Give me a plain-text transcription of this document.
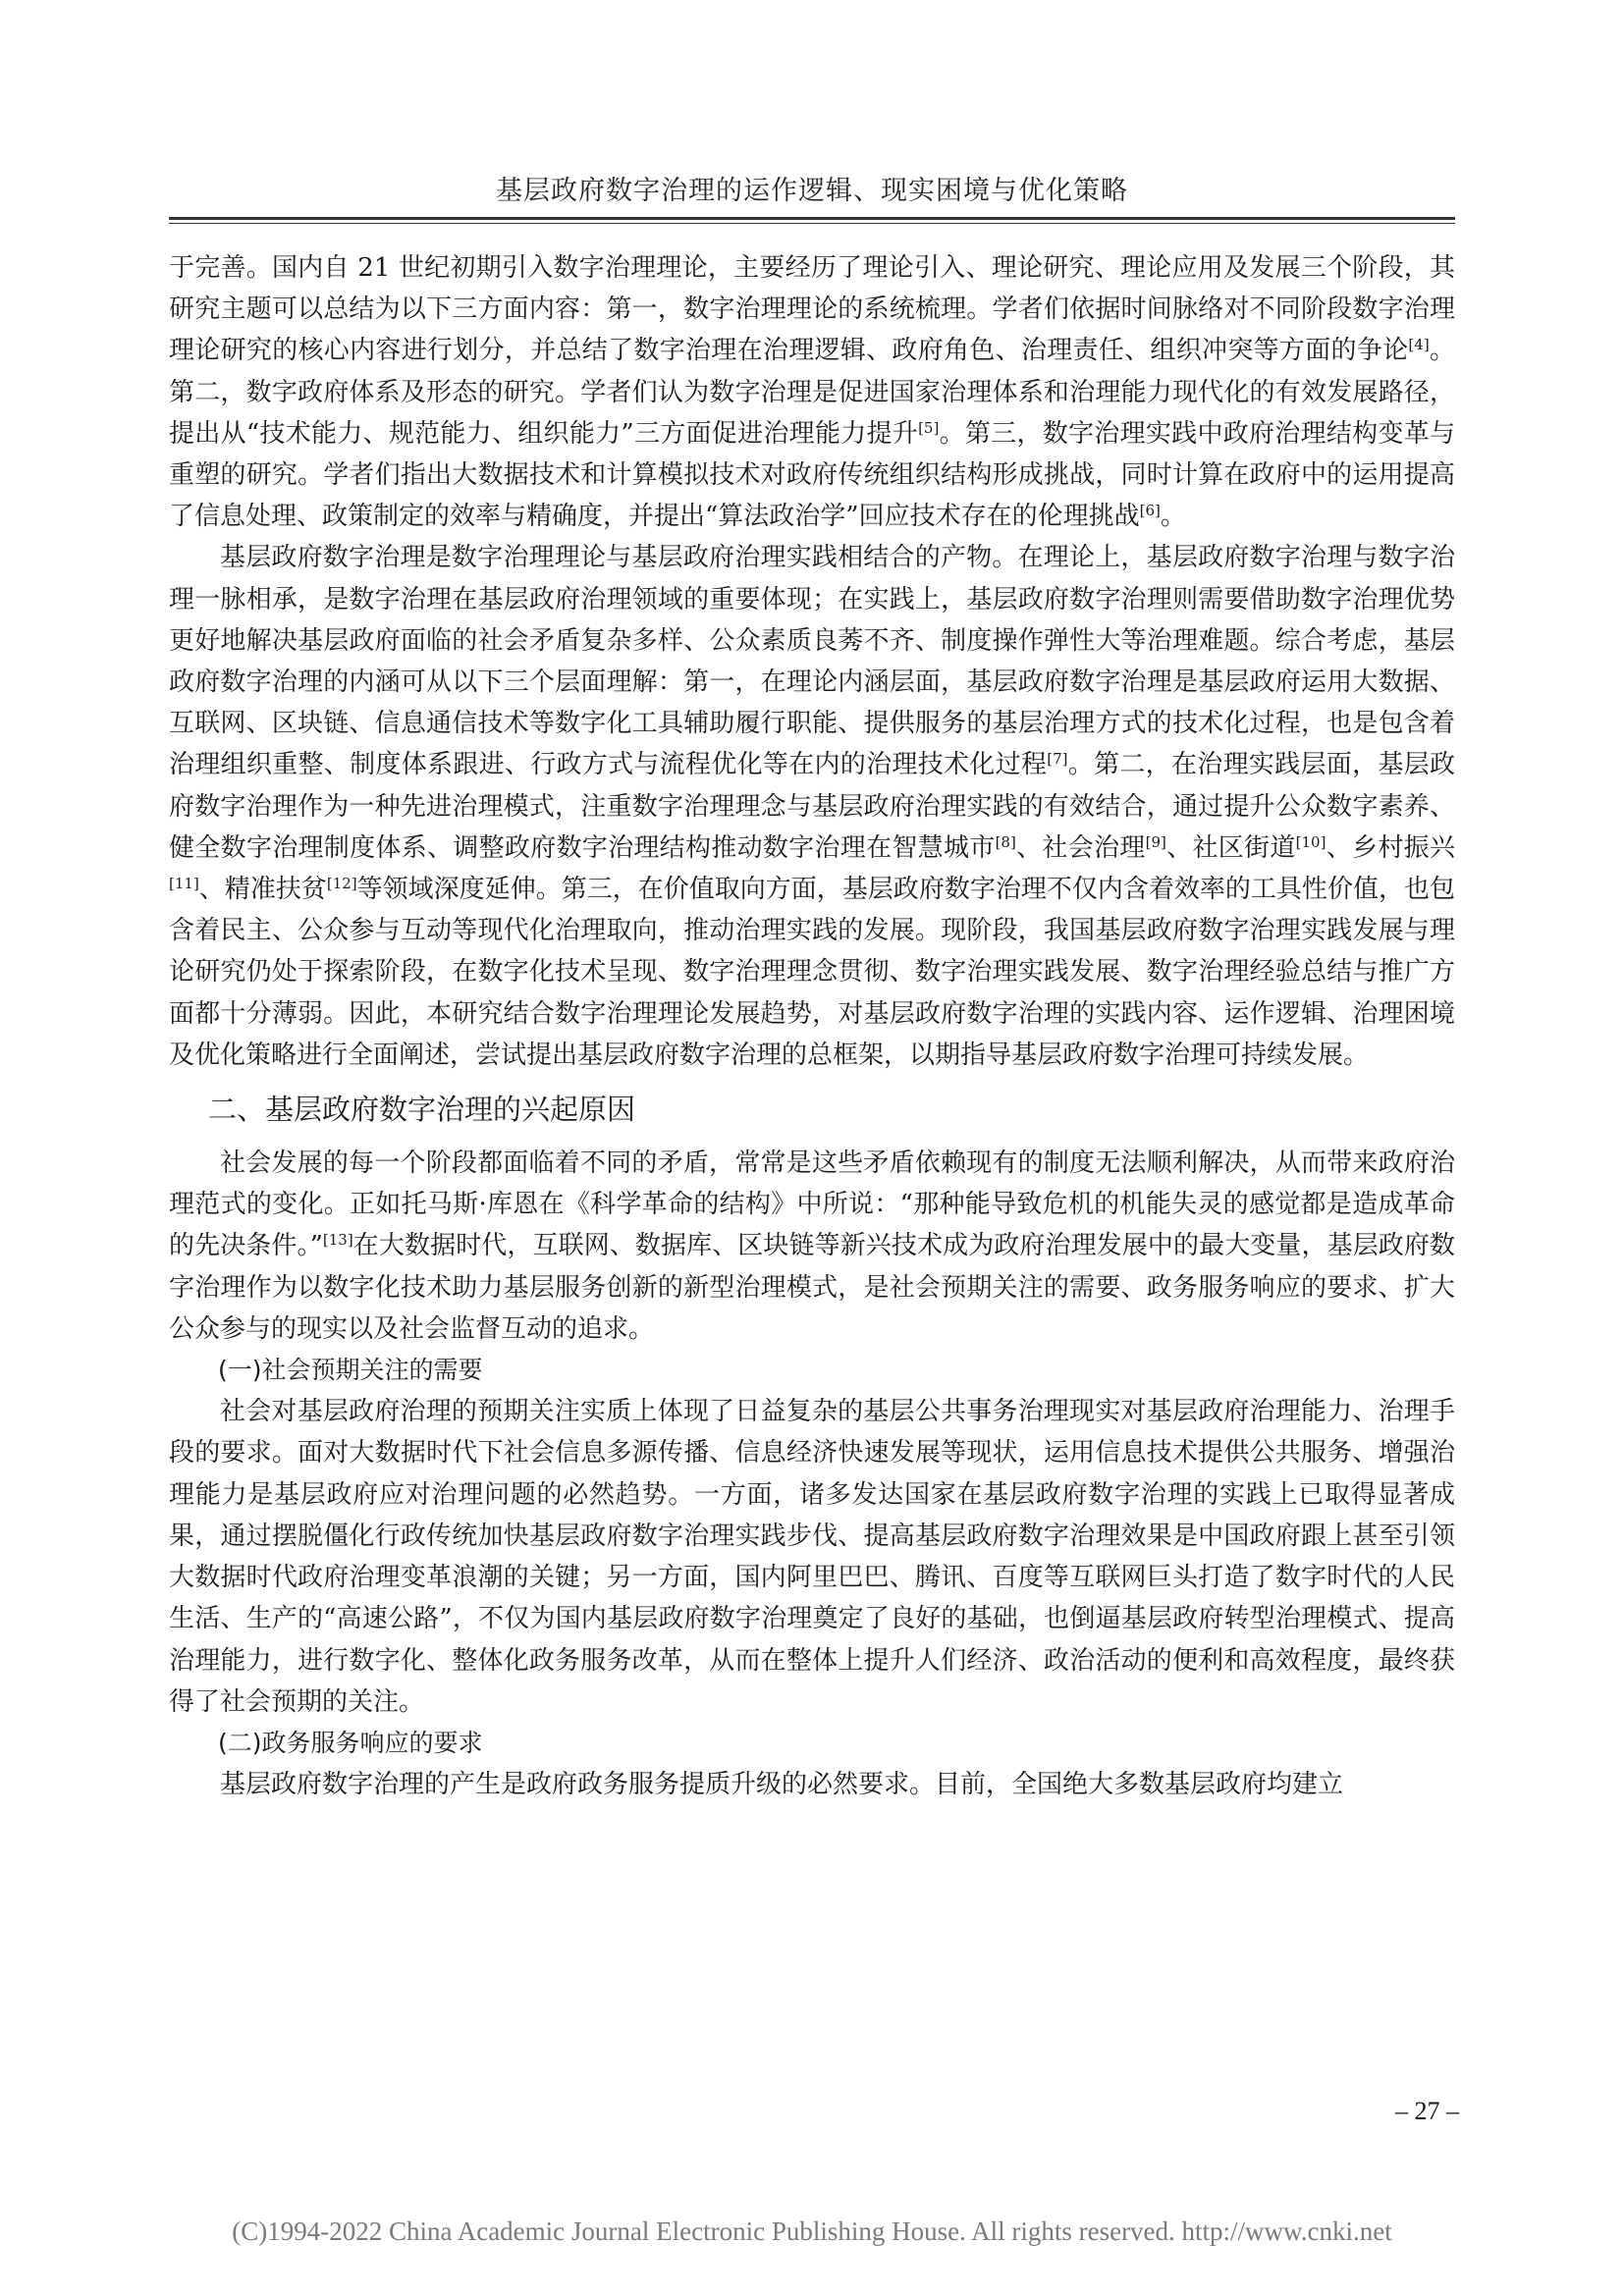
基层政府数字治理的运作逻辑、现实困境与优化策略

于完善。国内自 21 世纪初期引入数字治理理论，主要经历了理论引入、理论研究、理论应用及发展三个阶段，其研究主题可以总结为以下三方面内容：第一，数字治理理论的系统梳理。学者们依据时间脉络对不同阶段数字治理理论研究的核心内容进行划分，并总结了数字治理在治理逻辑、政府角色、治理责任、组织冲突等方面的争论[4]。第二，数字政府体系及形态的研究。学者们认为数字治理是促进国家治理体系和治理能力现代化的有效发展路径，提出从“技术能力、规范能力、组织能力”三方面促进治理能力提升[5]。第三，数字治理实践中政府治理结构变革与重塑的研究。学者们指出大数据技术和计算模拟技术对政府传统组织结构形成挑战，同时计算在政府中的运用提高了信息处理、政策制定的效率与精确度，并提出“算法政治学”回应技术存在的伦理挑战[6]。

基层政府数字治理是数字治理理论与基层政府治理实践相结合的产物。在理论上，基层政府数字治理与数字治理一脉相承，是数字治理在基层政府治理领域的重要体现；在实践上，基层政府数字治理则需要借助数字治理优势更好地解决基层政府面临的社会矛盾复杂多样、公众素质良莠不齐、制度操作弹性大等治理难题。综合考虑，基层政府数字治理的内涵可从以下三个层面理解：第一，在理论内涵层面，基层政府数字治理是基层政府运用大数据、互联网、区块链、信息通信技术等数字化工具辅助履行职能、提供服务的基层治理方式的技术化过程，也是包含着治理组织重整、制度体系跟进、行政方式与流程优化等在内的治理技术化过程[7]。第二，在治理实践层面，基层政府数字治理作为一种先进治理模式，注重数字治理理念与基层政府治理实践的有效结合，通过提升公众数字素养、健全数字治理制度体系、调整政府数字治理结构推动数字治理在智慧城市[8]、社会治理[9]、社区街道[10]、乡村振兴[11]、精准扶贫[12]等领域深度延伸。第三，在价值取向方面，基层政府数字治理不仅内含着效率的工具性价值，也包含着民主、公众参与互动等现代化治理取向，推动治理实践的发展。现阶段，我国基层政府数字治理实践发展与理论研究仍处于探索阶段，在数字化技术呈现、数字治理理念贯彻、数字治理实践发展、数字治理经验总结与推广方面都十分薄弱。因此，本研究结合数字治理理论发展趋势，对基层政府数字治理的实践内容、运作逻辑、治理困境及优化策略进行全面阐述，尝试提出基层政府数字治理的总框架，以期指导基层政府数字治理可持续发展。

二、基层政府数字治理的兴起原因

社会发展的每一个阶段都面临着不同的矛盾，常常是这些矛盾依赖现有的制度无法顺利解决，从而带来政府治理范式的变化。正如托马斯·库恩在《科学革命的结构》中所说：“那种能导致危机的机能失灵的感觉都是造成革命的先决条件。”[13]在大数据时代，互联网、数据库、区块链等新兴技术成为政府治理发展中的最大变量，基层政府数字治理作为以数字化技术助力基层服务创新的新型治理模式，是社会预期关注的需要、政务服务响应的要求、扩大公众参与的现实以及社会监督互动的追求。

(一)社会预期关注的需要

社会对基层政府治理的预期关注实质上体现了日益复杂的基层公共事务治理现实对基层政府治理能力、治理手段的要求。面对大数据时代下社会信息多源传播、信息经济快速发展等现状，运用信息技术提供公共服务、增强治理能力是基层政府应对治理问题的必然趋势。一方面，诸多发达国家在基层政府数字治理的实践上已取得显著成果，通过摆脱僵化行政传统加快基层政府数字治理实践步伐、提高基层政府数字治理效果是中国政府跟上甚至引领大数据时代政府治理变革浪潮的关键；另一方面，国内阿里巴巴、腾讯、百度等互联网巨头打造了数字时代的人民生活、生产的“高速公路”，不仅为国内基层政府数字治理奠定了良好的基础，也倒逼基层政府转型治理模式、提高治理能力，进行数字化、整体化政务服务改革，从而在整体上提升人们经济、政治活动的便利和高效程度，最终获得了社会预期的关注。

(二)政务服务响应的要求

基层政府数字治理的产生是政府政务服务提质升级的必然要求。目前，全国绝大多数基层政府均建立

– 27 –
(C)1994-2022 China Academic Journal Electronic Publishing House. All rights reserved. http://www.cnki.net
